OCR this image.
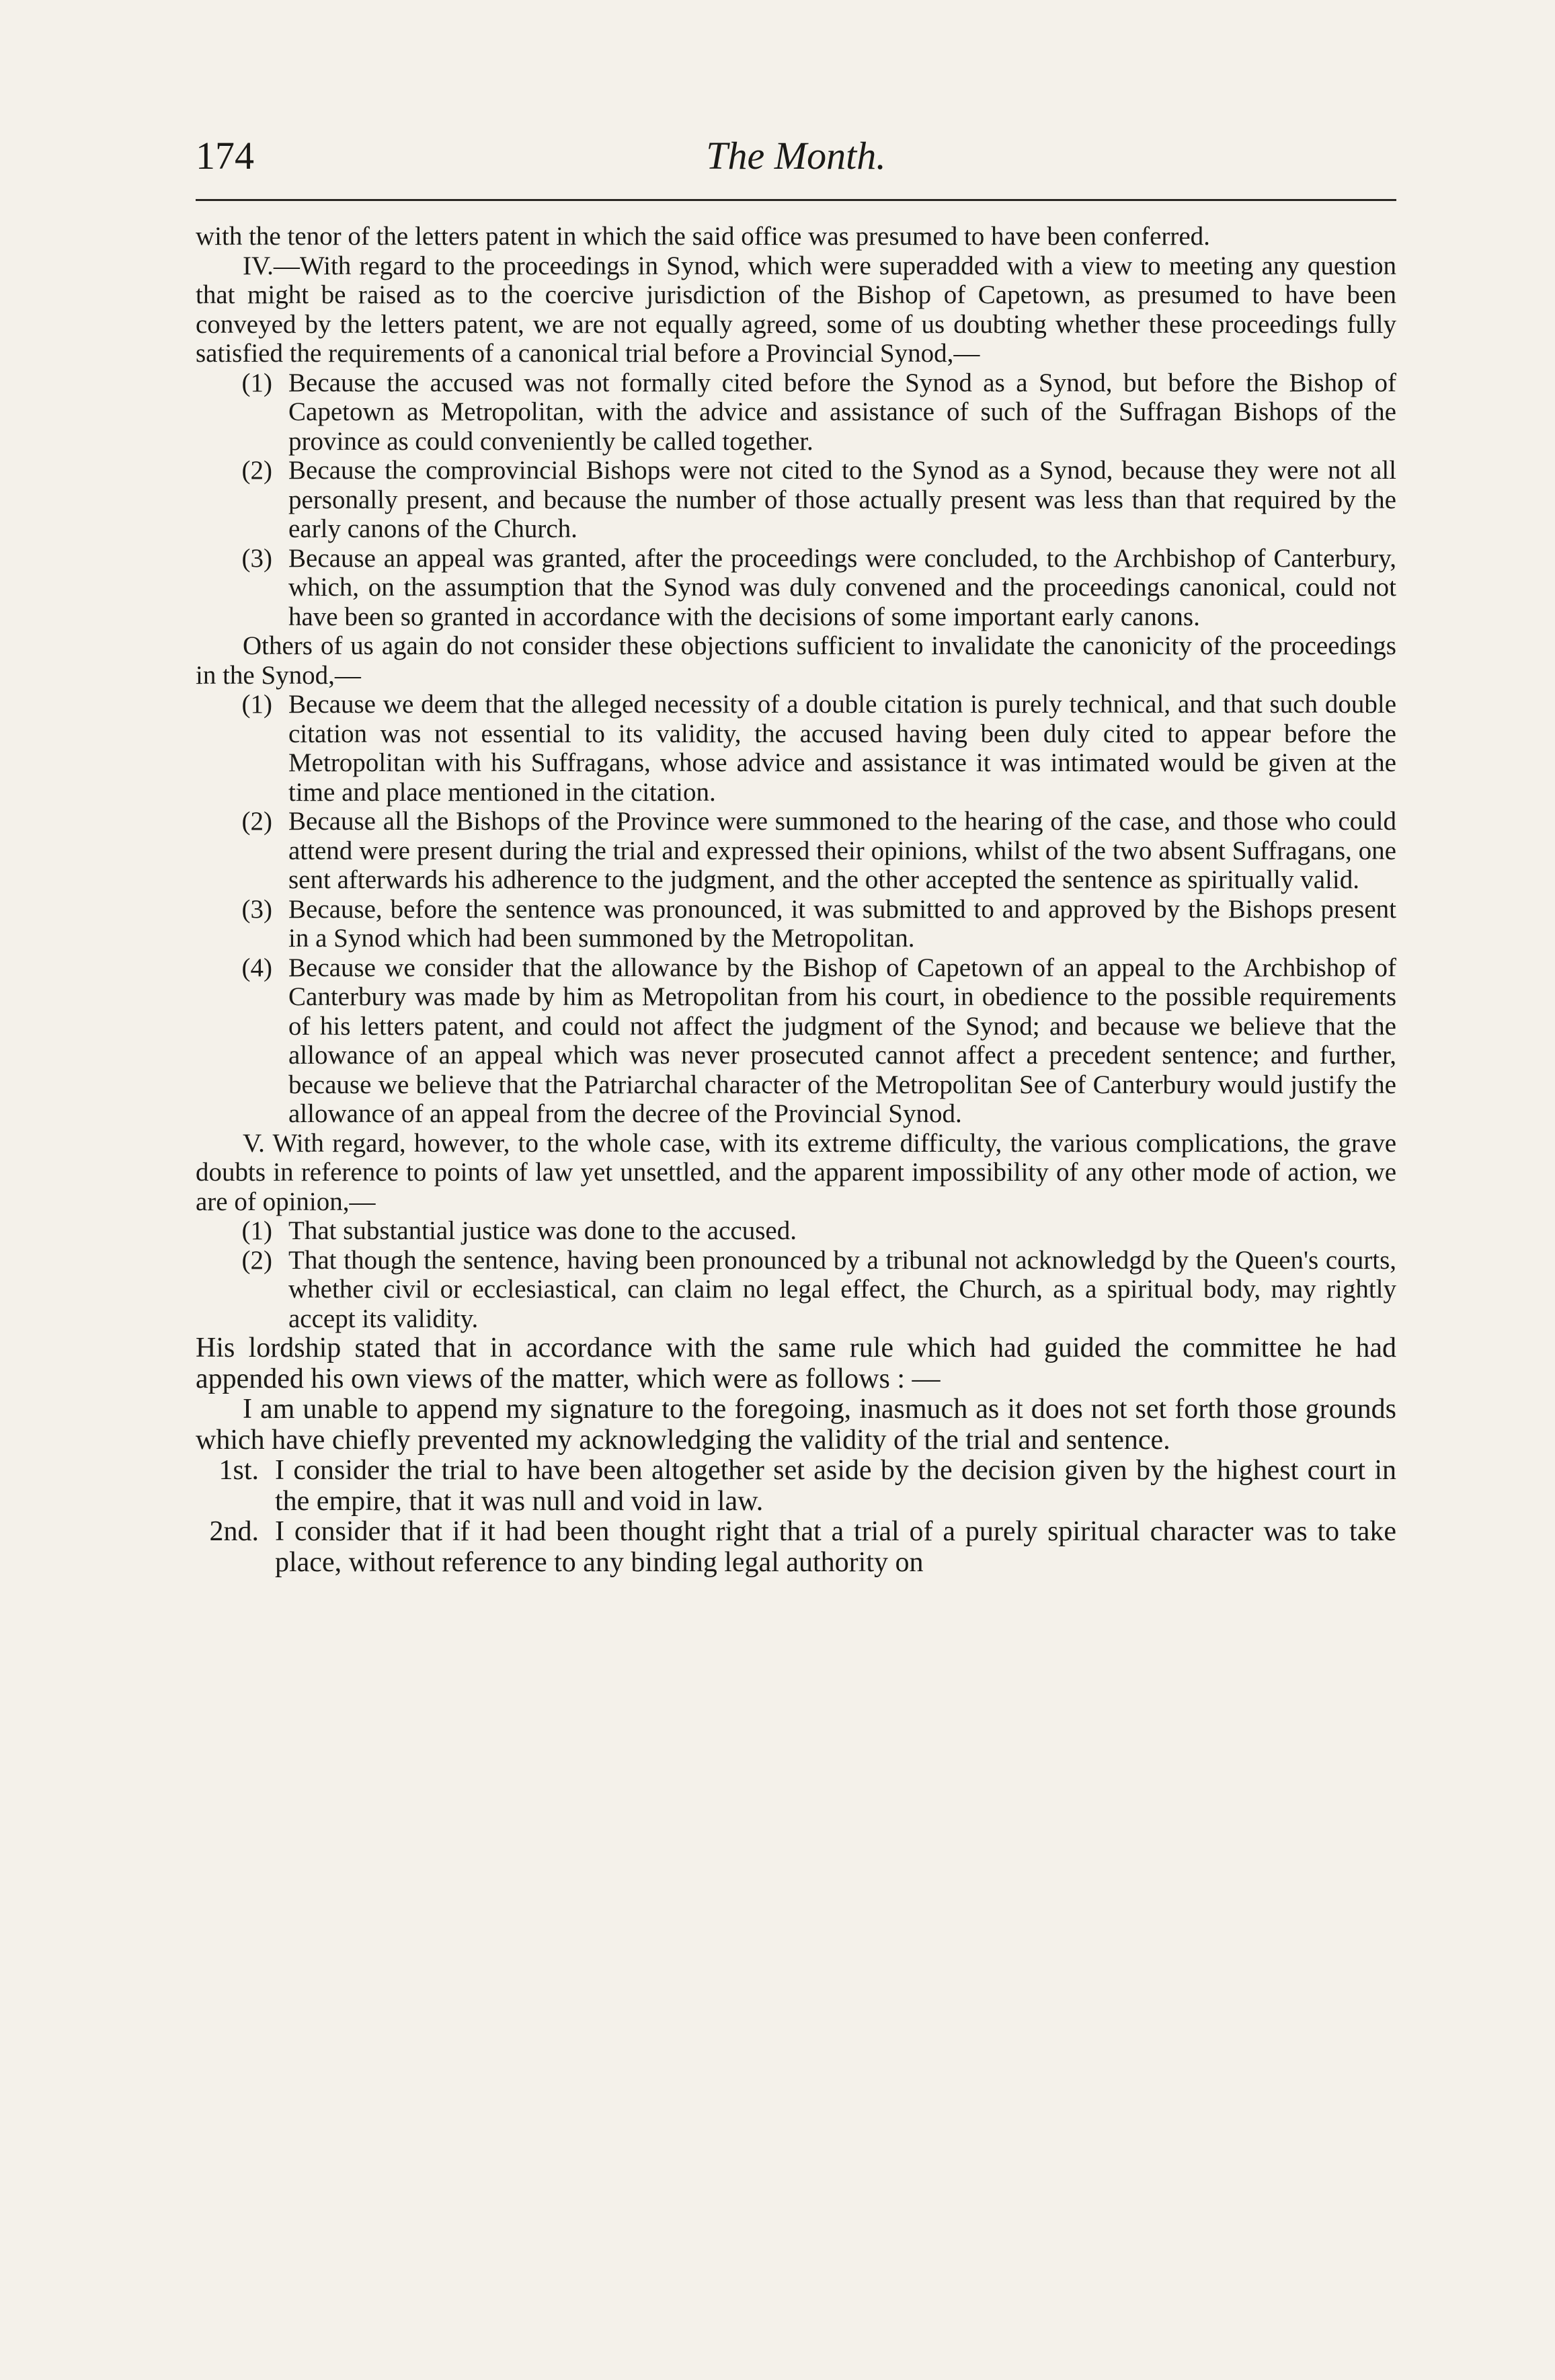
174	The Month.

with the tenor of the letters patent in which the said office was presumed to have been conferred.

IV.—With regard to the proceedings in Synod, which were superadded with a view to meeting any question that might be raised as to the coercive jurisdiction of the Bishop of Capetown, as presumed to have been conveyed by the letters patent, we are not equally agreed, some of us doubting whether these proceedings fully satisfied the requirements of a canonical trial before a Provincial Synod,—

(1) Because the accused was not formally cited before the Synod as a Synod, but before the Bishop of Capetown as Metropolitan, with the advice and assistance of such of the Suffragan Bishops of the province as could conveniently be called together.
(2) Because the comprovincial Bishops were not cited to the Synod as a Synod, because they were not all personally present, and because the number of those actually present was less than that required by the early canons of the Church.
(3) Because an appeal was granted, after the proceedings were concluded, to the Archbishop of Canterbury, which, on the assumption that the Synod was duly convened and the proceedings canonical, could not have been so granted in accordance with the decisions of some important early canons.

Others of us again do not consider these objections sufficient to invalidate the canonicity of the proceedings in the Synod,—

(1) Because we deem that the alleged necessity of a double citation is purely technical, and that such double citation was not essential to its validity, the accused having been duly cited to appear before the Metropolitan with his Suffragans, whose advice and assistance it was intimated would be given at the time and place mentioned in the citation.
(2) Because all the Bishops of the Province were summoned to the hearing of the case, and those who could attend were present during the trial and expressed their opinions, whilst of the two absent Suffragans, one sent afterwards his adherence to the judgment, and the other accepted the sentence as spiritually valid.
(3) Because, before the sentence was pronounced, it was submitted to and approved by the Bishops present in a Synod which had been summoned by the Metropolitan.
(4) Because we consider that the allowance by the Bishop of Capetown of an appeal to the Archbishop of Canterbury was made by him as Metropolitan from his court, in obedience to the possible requirements of his letters patent, and could not affect the judgment of the Synod; and because we believe that the allowance of an appeal which was never prosecuted cannot affect a precedent sentence; and further, because we believe that the Patriarchal character of the Metropolitan See of Canterbury would justify the allowance of an appeal from the decree of the Provincial Synod.

V. With regard, however, to the whole case, with its extreme difficulty, the various complications, the grave doubts in reference to points of law yet unsettled, and the apparent impossibility of any other mode of action, we are of opinion,—

(1) That substantial justice was done to the accused.
(2) That though the sentence, having been pronounced by a tribunal not acknowledgd by the Queen's courts, whether civil or ecclesiastical, can claim no legal effect, the Church, as a spiritual body, may rightly accept its validity.

His lordship stated that in accordance with the same rule which had guided the committee he had appended his own views of the matter, which were as follows : —

I am unable to append my signature to the foregoing, inasmuch as it does not set forth those grounds which have chiefly prevented my acknowledging the validity of the trial and sentence.

1st. I consider the trial to have been altogether set aside by the decision given by the highest court in the empire, that it was null and void in law.
2nd. I consider that if it had been thought right that a trial of a purely spiritual character was to take place, without reference to any binding legal authority on
